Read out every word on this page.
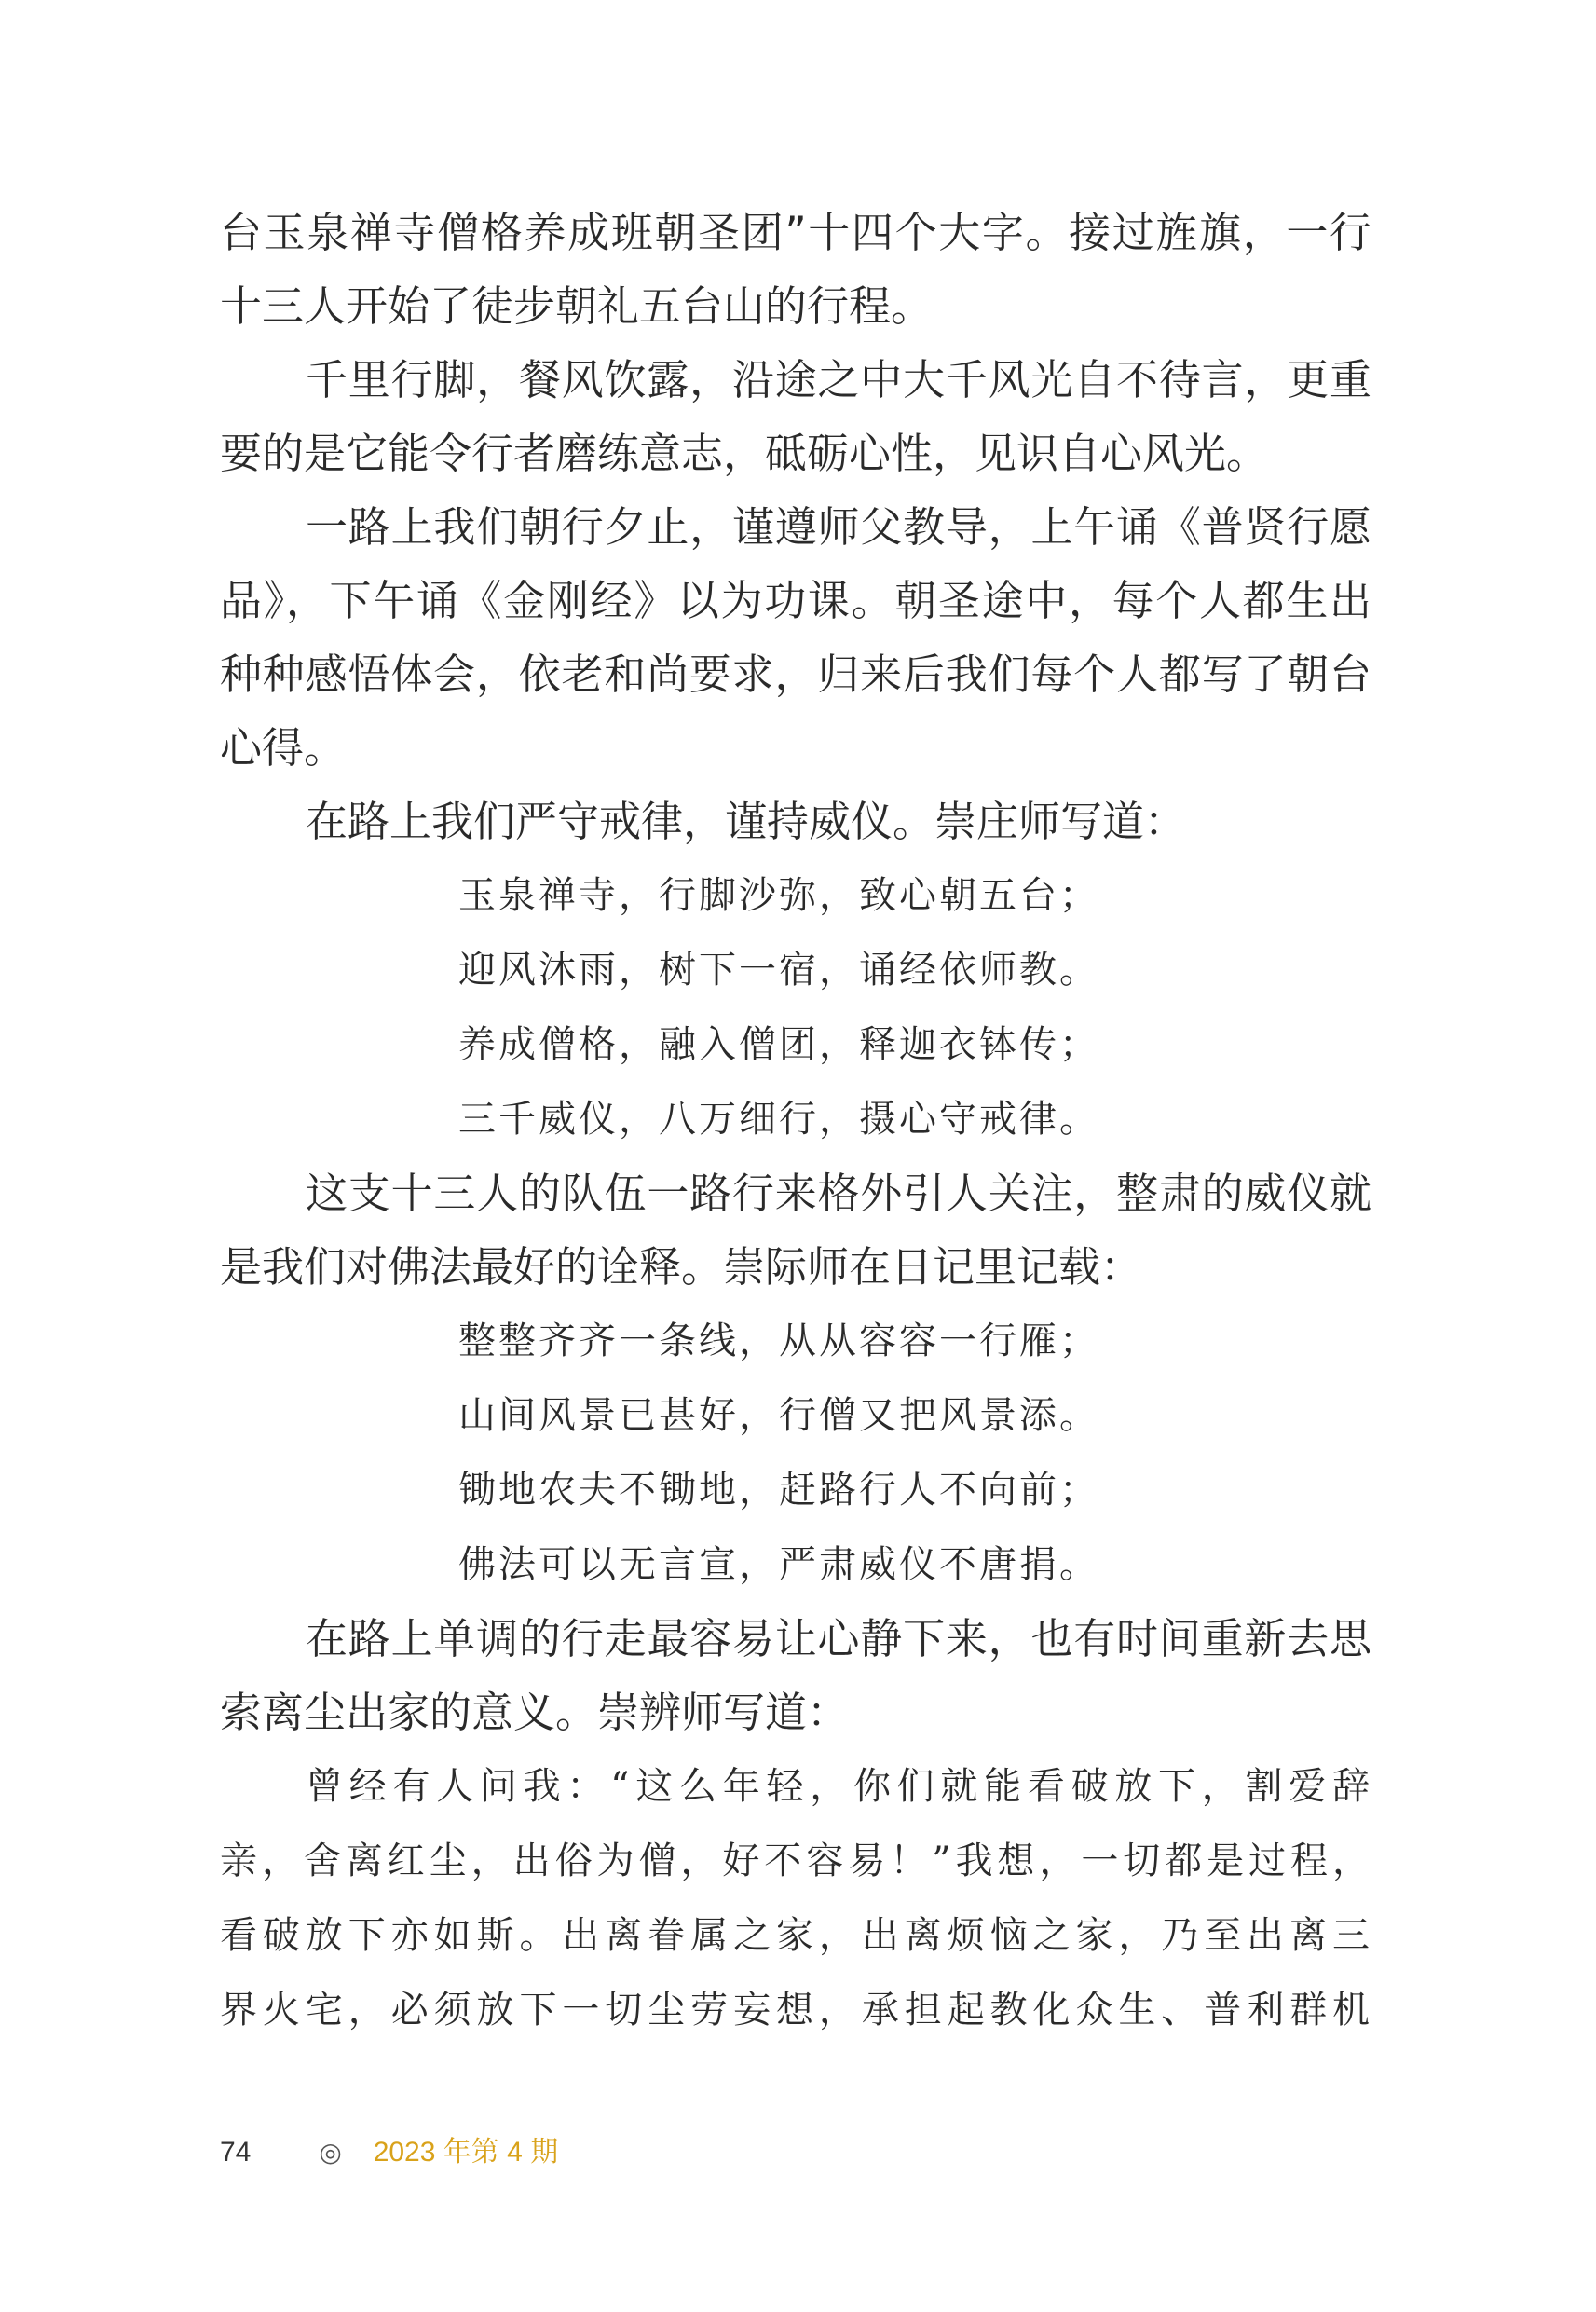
台玉泉禅寺僧格养成班朝圣团”十四个大字。接过旌旗，一行

十三人开始了徒步朝礼五台山的行程。

千里行脚，餐风饮露，沿途之中大千风光自不待言，更重

要的是它能令行者磨练意志，砥砺心性，见识自心风光。

一路上我们朝行夕止，谨遵师父教导，上午诵《普贤行愿

品》，下午诵《金刚经》以为功课。朝圣途中，每个人都生出

种种感悟体会，依老和尚要求，归来后我们每个人都写了朝台

心得。

在路上我们严守戒律，谨持威仪。崇庄师写道：

玉泉禅寺，行脚沙弥，致心朝五台；

迎风沐雨，树下一宿，诵经依师教。

养成僧格，融入僧团，释迦衣钵传；

三千威仪，八万细行，摄心守戒律。

这支十三人的队伍一路行来格外引人关注，整肃的威仪就

是我们对佛法最好的诠释。崇际师在日记里记载：

整整齐齐一条线，从从容容一行雁；

山间风景已甚好，行僧又把风景添。

锄地农夫不锄地，赶路行人不向前；

佛法可以无言宣，严肃威仪不唐捐。

在路上单调的行走最容易让心静下来，也有时间重新去思

索离尘出家的意义。崇辨师写道：

曾经有人问我：“这么年轻，你们就能看破放下，割爱辞

亲，舍离红尘，出俗为僧，好不容易！”我想，一切都是过程，

看破放下亦如斯。出离眷属之家，出离烦恼之家，乃至出离三

界火宅，必须放下一切尘劳妄想，承担起教化众生、普利群机

74	◎ 2023 年第 4 期
